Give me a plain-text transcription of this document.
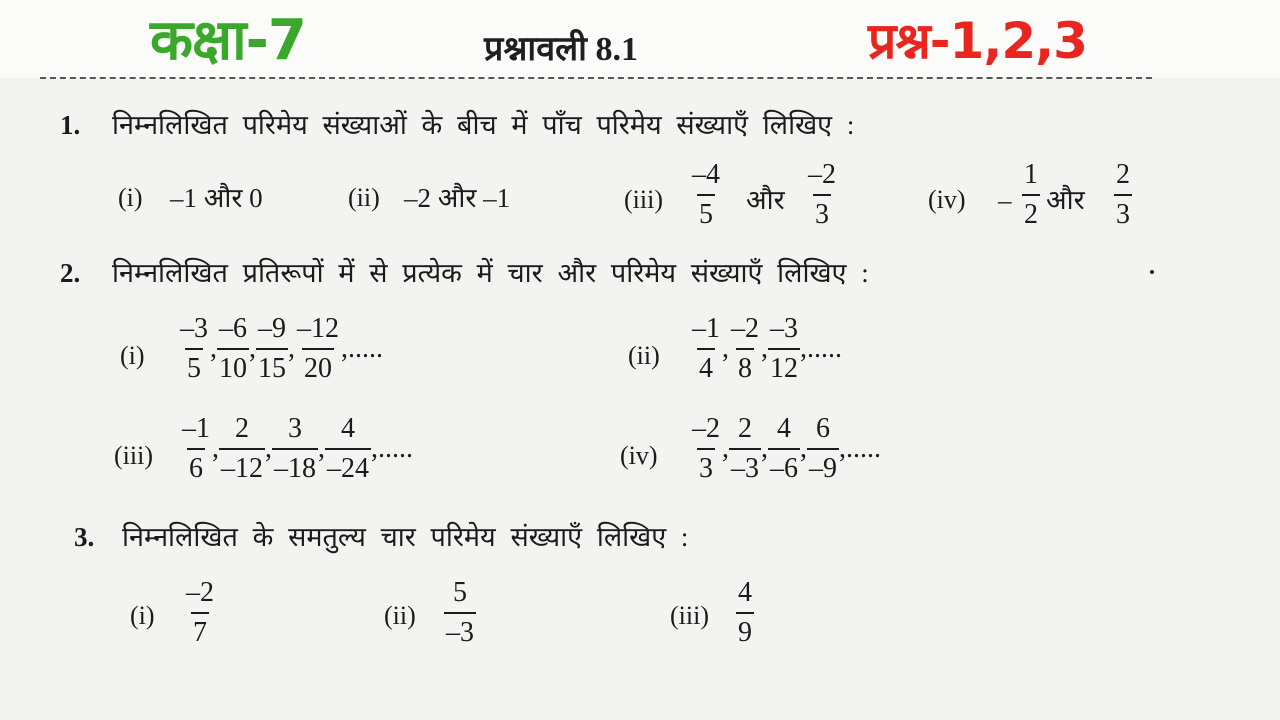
कक्षा-7	प्रश्नावली 8.1	प्रश्न-1,2,3
1. निम्नलिखित परिमेय संख्याओं के बीच में पाँच परिमेय संख्याएँ लिखिए :
(i) –1 और 0	(ii) –2 और –1	$(iii) \frac{-4}{5}$ और $\frac{-2}{3}$	$(iv) - \frac{1}{2}$ और $\frac{2}{3}$
2. निम्नलिखित प्रतिरूपों में से प्रत्येक में चार और परिमेय संख्याएँ लिखिए :
$(i) \frac{-3}{5}$ , $\frac{-6}{10}$ , $\frac{-9}{15}$ , $\frac{-12}{20}$ ,.....	$(ii) \frac{-1}{4}$ , $\frac{-2}{8}$ , $\frac{-3}{12}$ ,.....
$(iii) \frac{-1}{6}$ , $\frac{2}{-12}$ , $\frac{3}{-18}$ , $\frac{4}{-24}$ ,.....	$(iv) \frac{-2}{3}$ , $\frac{2}{-3}$ , $\frac{4}{-6}$ , $\frac{6}{-9}$ ,.....
3. निम्नलिखित के समतुल्य चार परिमेय संख्याएँ लिखिए :
$(i) \frac{-2}{7}$	$(ii) \frac{5}{-3}$	$(iii) \frac{4}{9}$
